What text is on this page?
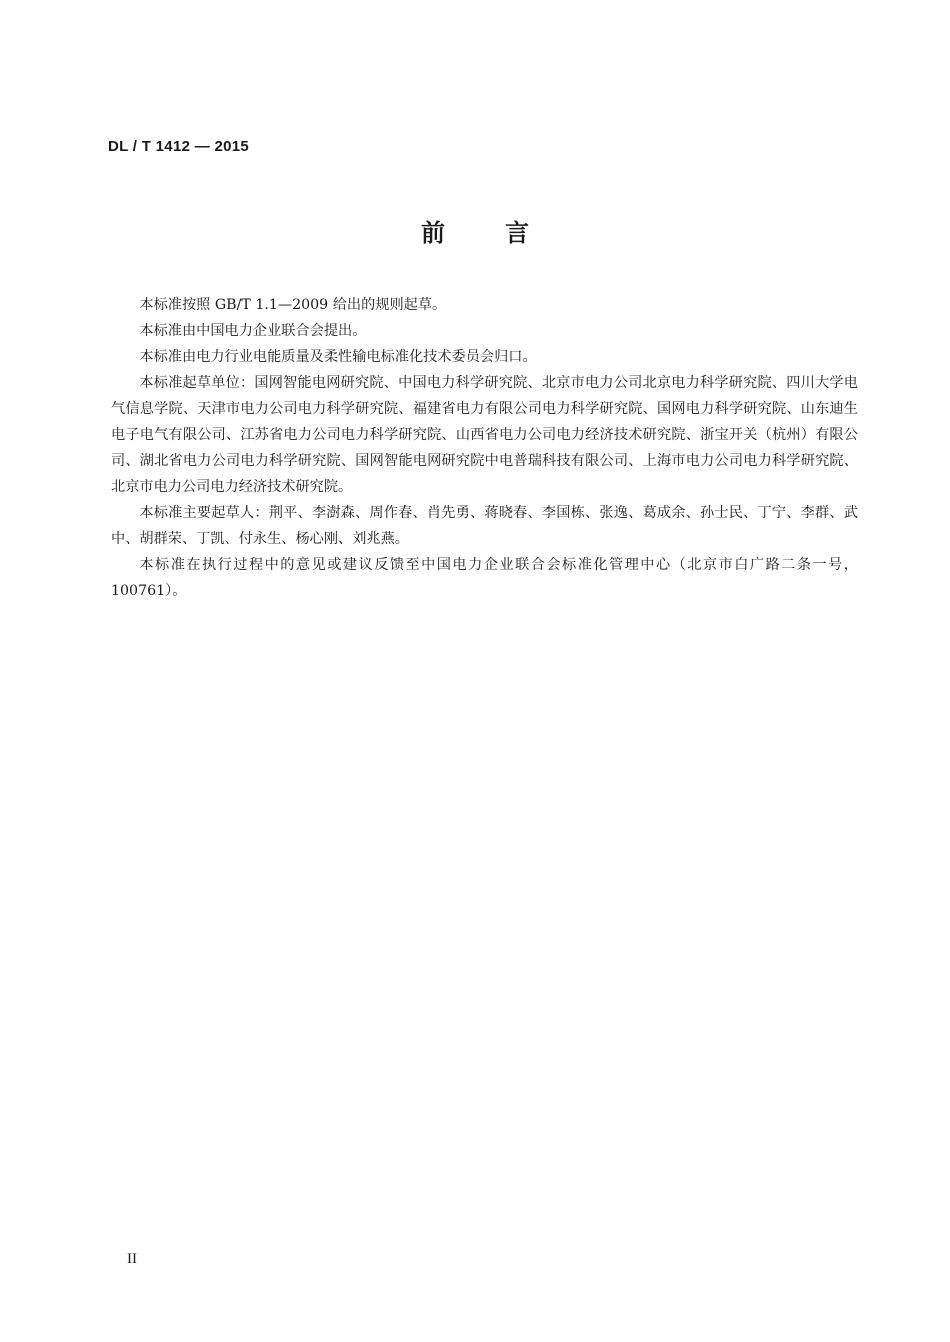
DL / T 1412 — 2015
前言

本标准按照 GB/T 1.1—2009 给出的规则起草。

本标准由中国电力企业联合会提出。

本标准由电力行业电能质量及柔性输电标准化技术委员会归口。

本标准起草单位：国网智能电网研究院、中国电力科学研究院、北京市电力公司北京电力科学研究院、四川大学电气信息学院、天津市电力公司电力科学研究院、福建省电力有限公司电力科学研究院、国网电力科学研究院、山东迪生电子电气有限公司、江苏省电力公司电力科学研究院、山西省电力公司电力经济技术研究院、浙宝开关（杭州）有限公司、湖北省电力公司电力科学研究院、国网智能电网研究院中电普瑞科技有限公司、上海市电力公司电力科学研究院、北京市电力公司电力经济技术研究院。

本标准主要起草人：荆平、李澍森、周作春、肖先勇、蒋晓春、李国栋、张逸、葛成余、孙士民、丁宁、李群、武中、胡群荣、丁凯、付永生、杨心刚、刘兆燕。

本标准在执行过程中的意见或建议反馈至中国电力企业联合会标准化管理中心（北京市白广路二条一号，100761）。

II
